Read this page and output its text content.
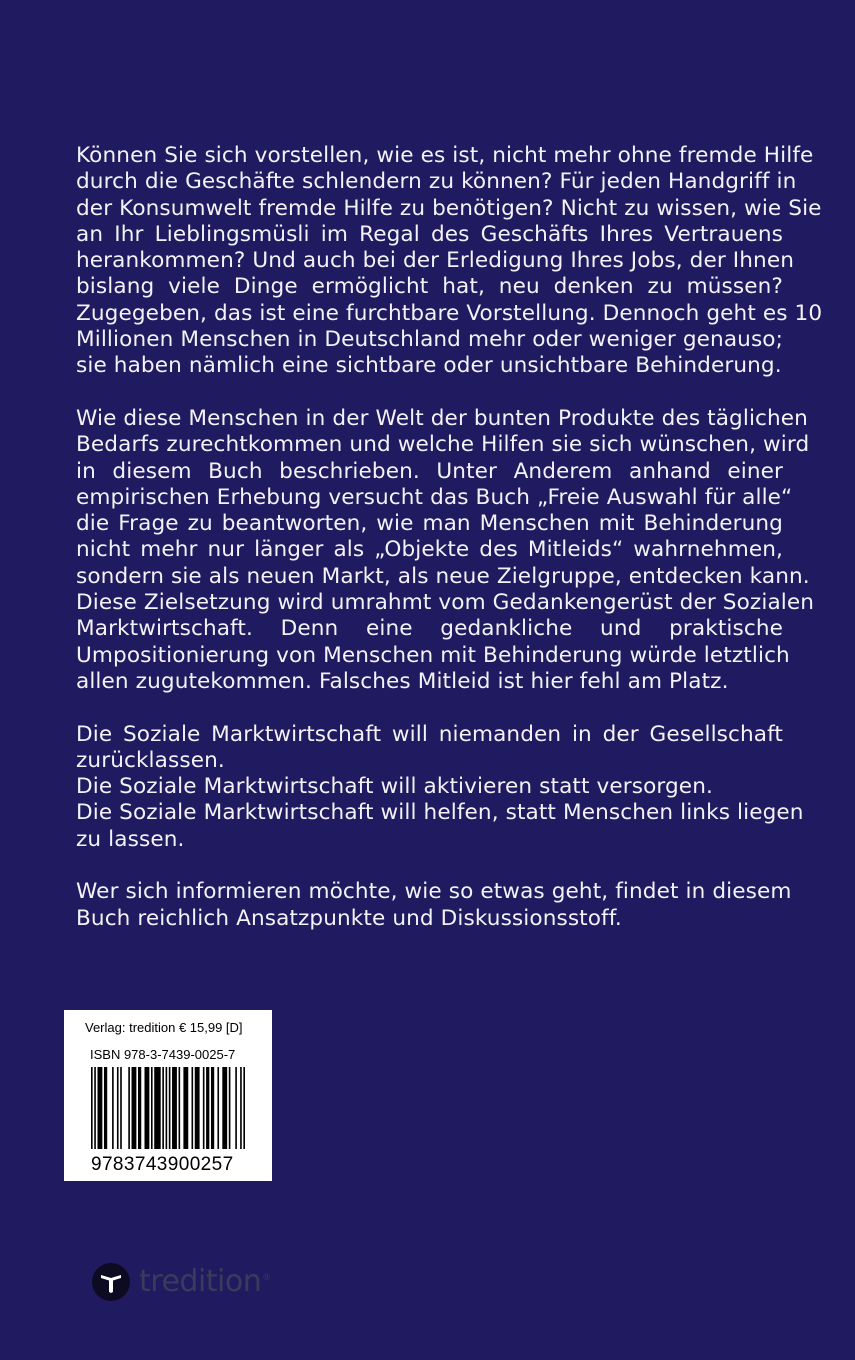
Können Sie sich vorstellen, wie es ist, nicht mehr ohne fremde Hilfe
durch die Geschäfte schlendern zu können? Für jeden Handgriff in
der Konsumwelt fremde Hilfe zu benötigen? Nicht zu wissen, wie Sie
an Ihr Lieblingsmüsli im Regal des Geschäfts Ihres Vertrauens
herankommen? Und auch bei der Erledigung Ihres Jobs, der Ihnen
bislang viele Dinge ermöglicht hat, neu denken zu müssen?
Zugegeben, das ist eine furchtbare Vorstellung. Dennoch geht es 10
Millionen Menschen in Deutschland mehr oder weniger genauso;
sie haben nämlich eine sichtbare oder unsichtbare Behinderung.
Wie diese Menschen in der Welt der bunten Produkte des täglichen
Bedarfs zurechtkommen und welche Hilfen sie sich wünschen, wird
in diesem Buch beschrieben. Unter Anderem anhand einer
empirischen Erhebung versucht das Buch „Freie Auswahl für alle“
die Frage zu beantworten, wie man Menschen mit Behinderung
nicht mehr nur länger als „Objekte des Mitleids“ wahrnehmen,
sondern sie als neuen Markt, als neue Zielgruppe, entdecken kann.
Diese Zielsetzung wird umrahmt vom Gedankengerüst der Sozialen
Marktwirtschaft. Denn eine gedankliche und praktische
Umpositionierung von Menschen mit Behinderung würde letztlich
allen zugutekommen. Falsches Mitleid ist hier fehl am Platz.
Die Soziale Marktwirtschaft will niemanden in der Gesellschaft
zurücklassen.
Die Soziale Marktwirtschaft will aktivieren statt versorgen.
Die Soziale Marktwirtschaft will helfen, statt Menschen links liegen
zu lassen.
Wer sich informieren möchte, wie so etwas geht, findet in diesem
Buch reichlich Ansatzpunkte und Diskussionsstoff.
Verlag: tredition € 15,99 [D]
ISBN 978-3-7439-0025-7
9783743900257
tredition®
